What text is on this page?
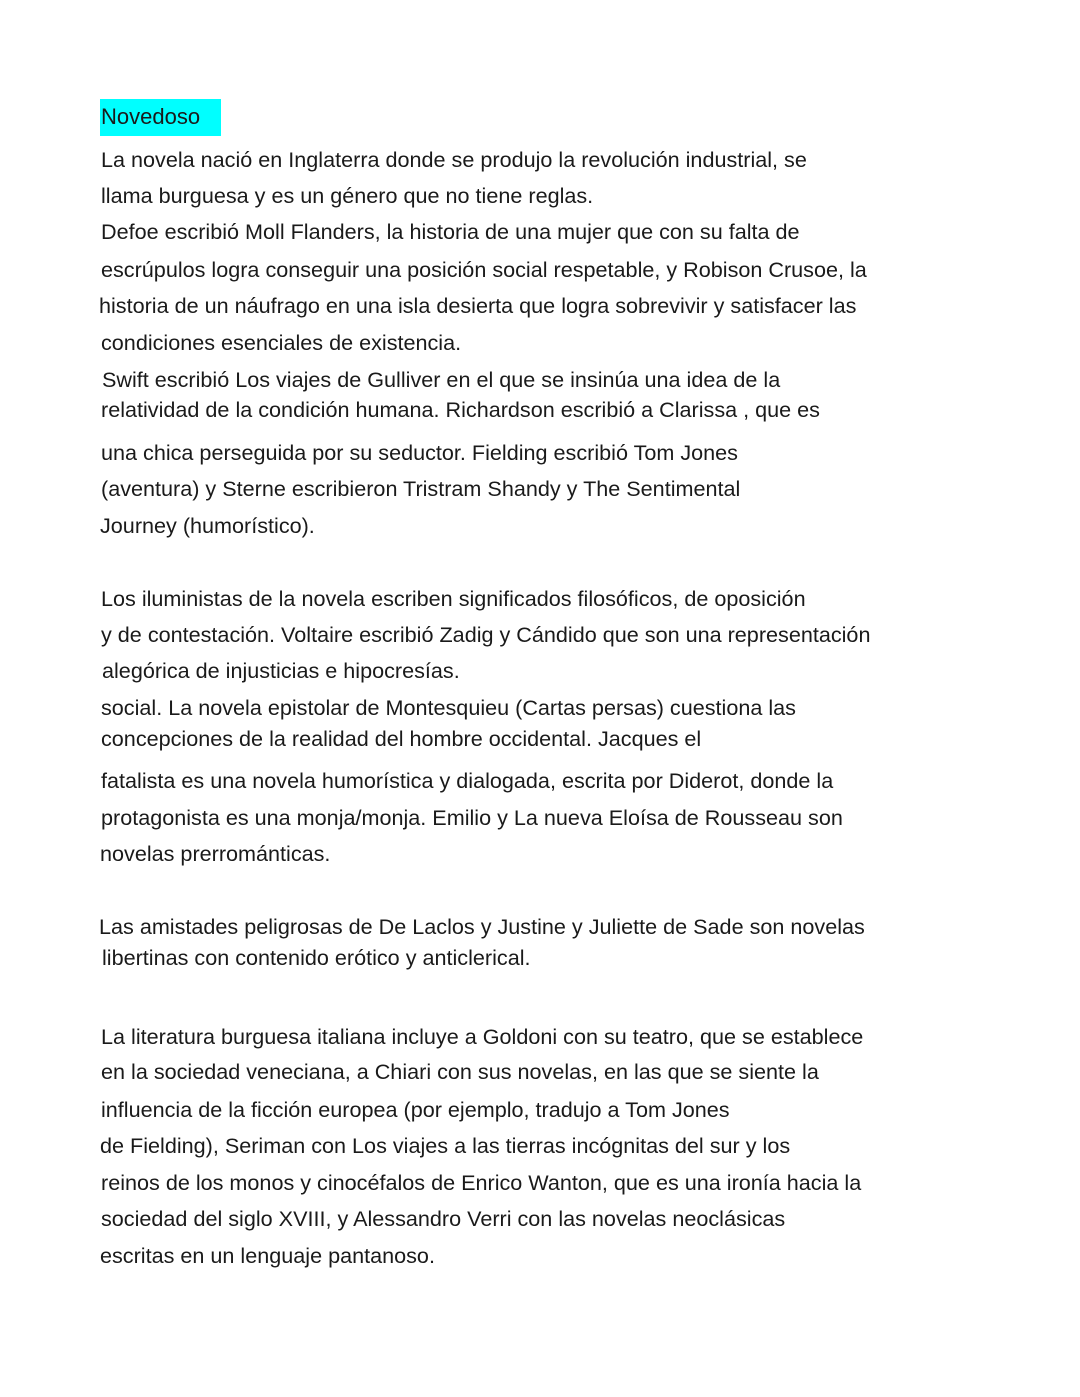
Novedoso
La novela nació en Inglaterra donde se produjo la revolución industrial, se
llama burguesa y es un género que no tiene reglas.
Defoe escribió Moll Flanders, la historia de una mujer que con su falta de
escrúpulos logra conseguir una posición social respetable, y Robison Crusoe, la
historia de un náufrago en una isla desierta que logra sobrevivir y satisfacer las
condiciones esenciales de existencia.
Swift escribió Los viajes de Gulliver en el que se insinúa una idea de la
relatividad de la condición humana. Richardson escribió a Clarissa , que es
una chica perseguida por su seductor. Fielding escribió Tom Jones
(aventura) y Sterne escribieron Tristram Shandy y The Sentimental
Journey (humorístico).
Los iluministas de la novela escriben significados filosóficos, de oposición
y de contestación. Voltaire escribió Zadig y Cándido que son una representación
alegórica de injusticias e hipocresías.
social. La novela epistolar de Montesquieu (Cartas persas) cuestiona las
concepciones de la realidad del hombre occidental. Jacques el
fatalista es una novela humorística y dialogada, escrita por Diderot, donde la
protagonista es una monja/monja. Emilio y La nueva Eloísa de Rousseau son
novelas prerrománticas.
Las amistades peligrosas de De Laclos y Justine y Juliette de Sade son novelas
libertinas con contenido erótico y anticlerical.
La literatura burguesa italiana incluye a Goldoni con su teatro, que se establece
en la sociedad veneciana, a Chiari con sus novelas, en las que se siente la
influencia de la ficción europea (por ejemplo, tradujo a Tom Jones
de Fielding), Seriman con Los viajes a las tierras incógnitas del sur y los
reinos de los monos y cinocéfalos de Enrico Wanton, que es una ironía hacia la
sociedad del siglo XVIII, y Alessandro Verri con las novelas neoclásicas
escritas en un lenguaje pantanoso.
